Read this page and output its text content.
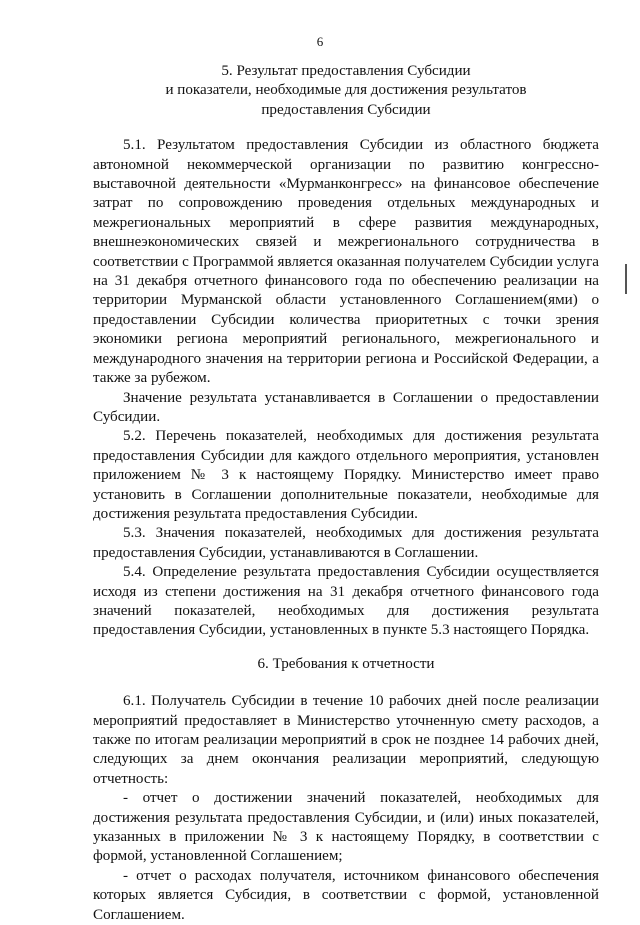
6
5. Результат предоставления Субсидии
и показатели, необходимые для достижения результатов
предоставления Субсидии

5.1. Результатом предоставления Субсидии из областного бюджета автономной некоммерческой организации по развитию конгрессно-выставочной деятельности «Мурманконгресс» на финансовое обеспечение затрат по сопровождению проведения отдельных международных и межрегиональных мероприятий в сфере развития международных, внешнеэкономических связей и межрегионального сотрудничества в соответствии с Программой является оказанная получателем Субсидии услуга на 31 декабря отчетного финансового года по обеспечению реализации на территории Мурманской области установленного Соглашением(ями) о предоставлении Субсидии количества приоритетных с точки зрения экономики региона мероприятий регионального, межрегионального и международного значения на территории региона и Российской Федерации, а также за рубежом.

Значение результата устанавливается в Соглашении о предоставлении Субсидии.

5.2. Перечень показателей, необходимых для достижения результата предоставления Субсидии для каждого отдельного мероприятия, установлен приложением № 3 к настоящему Порядку. Министерство имеет право установить в Соглашении дополнительные показатели, необходимые для достижения результата предоставления Субсидии.

5.3. Значения показателей, необходимых для достижения результата предоставления Субсидии, устанавливаются в Соглашении.

5.4. Определение результата предоставления Субсидии осуществляется исходя из степени достижения на 31 декабря отчетного финансового года значений показателей, необходимых для достижения результата предоставления Субсидии, установленных в пункте 5.3 настоящего Порядка.

6. Требования к отчетности

6.1. Получатель Субсидии в течение 10 рабочих дней после реализации мероприятий предоставляет в Министерство уточненную смету расходов, а также по итогам реализации мероприятий в срок не позднее 14 рабочих дней, следующих за днем окончания реализации мероприятий, следующую отчетность:

- отчет о достижении значений показателей, необходимых для достижения результата предоставления Субсидии, и (или) иных показателей, указанных в приложении № 3 к настоящему Порядку, в соответствии с формой, установленной Соглашением;

- отчет о расходах получателя, источником финансового обеспечения которых является Субсидия, в соответствии с формой, установленной Соглашением.
